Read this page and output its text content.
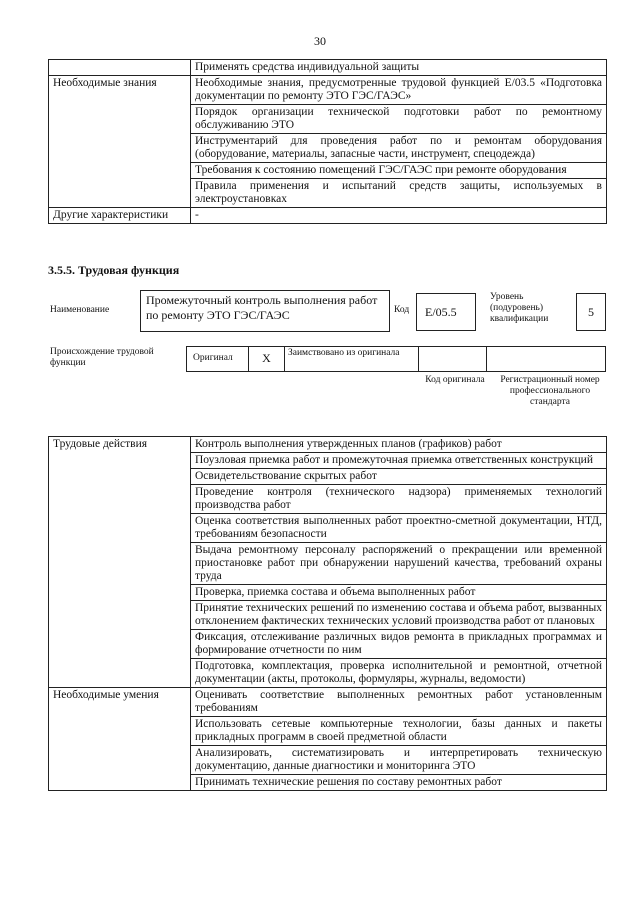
30
	Применять средства индивидуальной защиты
Необходимые знания	Необходимые знания, предусмотренные трудовой функцией Е/03.5 «Подготовка документации по ремонту ЭТО ГЭС/ГАЭС»
	Порядок организации технической подготовки работ по ремонтному обслуживанию ЭТО
	Инструментарий для проведения работ по и ремонтам оборудования (оборудование, материалы, запасные части, инструмент, спецодежда)
	Требования к состоянию помещений ГЭС/ГАЭС при ремонте оборудования
	Правила применения и испытаний средств защиты, используемых в электроустановках
Другие характеристики	-
3.5.5. Трудовая функция
Наименование
Промежуточный контроль выполнения работ по ремонту ЭТО ГЭС/ГАЭС	Код	Е/05.5
Уровень (подуровень) квалификации	5
Происхождение трудовой функции	Оригинал	X	Заимствовано из оригинала
Код оригинала	Регистрационный номер профессионального стандарта
Трудовые действия	Контроль выполнения утвержденных планов (графиков) работ
	Поузловая приемка работ и промежуточная приемка ответственных конструкций
	Освидетельствование скрытых работ
	Проведение контроля (технического надзора) применяемых технологий производства работ
	Оценка соответствия выполненных работ проектно-сметной документации, НТД, требованиям безопасности
	Выдача ремонтному персоналу распоряжений о прекращении или временной приостановке работ при обнаружении нарушений качества, требований охраны труда
	Проверка, приемка состава и объема выполненных работ
	Принятие технических решений по изменению состава и объема работ, вызванных отклонением фактических технических условий производства работ от плановых
	Фиксация, отслеживание различных видов ремонта в прикладных программах и формирование отчетности по ним
	Подготовка, комплектация, проверка исполнительной и ремонтной, отчетной документации (акты, протоколы, формуляры, журналы, ведомости)
Необходимые умения	Оценивать соответствие выполненных ремонтных работ установленным требованиям
	Использовать сетевые компьютерные технологии, базы данных и пакеты прикладных программ в своей предметной области
	Анализировать, систематизировать и интерпретировать техническую документацию, данные диагностики и мониторинга ЭТО
	Принимать технические решения по составу ремонтных работ
